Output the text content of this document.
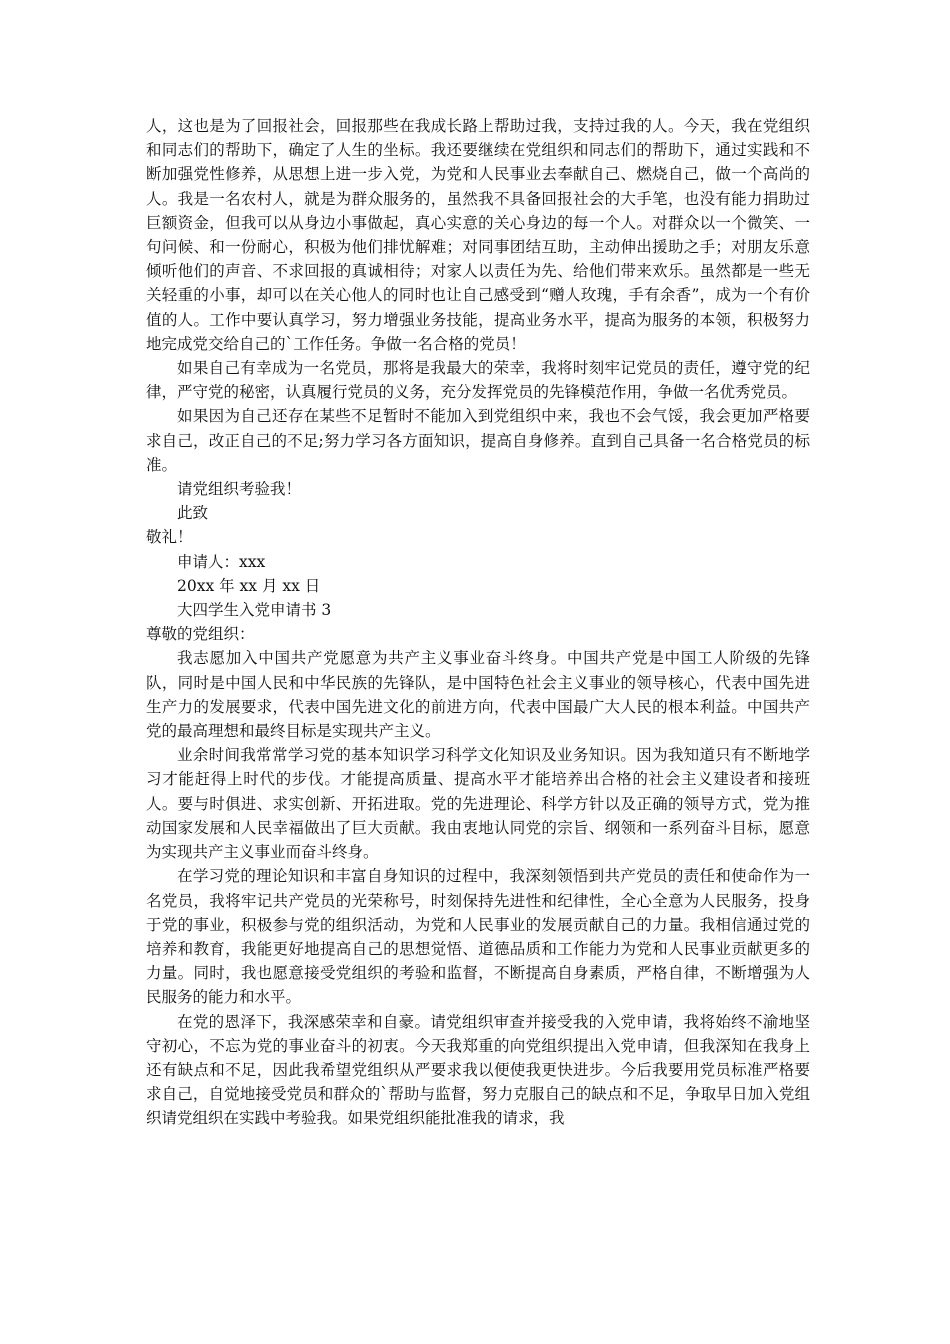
人，这也是为了回报社会，回报那些在我成长路上帮助过我，支持过我的人。今天，我在党组织和同志们的帮助下，确定了人生的坐标。我还要继续在党组织和同志们的帮助下，通过实践和不断加强党性修养，从思想上进一步入党，为党和人民事业去奉献自己、燃烧自己，做一个高尚的人。我是一名农村人，就是为群众服务的，虽然我不具备回报社会的大手笔，也没有能力捐助过巨额资金，但我可以从身边小事做起，真心实意的关心身边的每一个人。对群众以一个微笑、一句问候、和一份耐心，积极为他们排忧解难；对同事团结互助，主动伸出援助之手；对朋友乐意倾听他们的声音、不求回报的真诚相待；对家人以责任为先、给他们带来欢乐。虽然都是一些无关轻重的小事，却可以在关心他人的同时也让自己感受到“赠人玫瑰，手有余香”，成为一个有价值的人。工作中要认真学习，努力增强业务技能，提高业务水平，提高为服务的本领，积极努力地完成党交给自己的`工作任务。争做一名合格的党员！

如果自己有幸成为一名党员，那将是我最大的荣幸，我将时刻牢记党员的责任，遵守党的纪律，严守党的秘密，认真履行党员的义务，充分发挥党员的先锋模范作用，争做一名优秀党员。

如果因为自己还存在某些不足暂时不能加入到党组织中来，我也不会气馁，我会更加严格要求自己，改正自己的不足;努力学习各方面知识，提高自身修养。直到自己具备一名合格党员的标准。

请党组织考验我！

此致

敬礼！

申请人：xxx

20xx 年 xx 月 xx 日

大四学生入党申请书 3

尊敬的党组织：

我志愿加入中国共产党愿意为共产主义事业奋斗终身。中国共产党是中国工人阶级的先锋队，同时是中国人民和中华民族的先锋队，是中国特色社会主义事业的领导核心，代表中国先进生产力的发展要求，代表中国先进文化的前进方向，代表中国最广大人民的根本利益。中国共产党的最高理想和最终目标是实现共产主义。

业余时间我常常学习党的基本知识学习科学文化知识及业务知识。因为我知道只有不断地学习才能赶得上时代的步伐。才能提高质量、提高水平才能培养出合格的社会主义建设者和接班人。要与时俱进、求实创新、开拓进取。党的先进理论、科学方针以及正确的领导方式，党为推动国家发展和人民幸福做出了巨大贡献。我由衷地认同党的宗旨、纲领和一系列奋斗目标，愿意为实现共产主义事业而奋斗终身。

在学习党的理论知识和丰富自身知识的过程中，我深刻领悟到共产党员的责任和使命作为一名党员，我将牢记共产党员的光荣称号，时刻保持先进性和纪律性，全心全意为人民服务，投身于党的事业，积极参与党的组织活动，为党和人民事业的发展贡献自己的力量。我相信通过党的培养和教育，我能更好地提高自己的思想觉悟、道德品质和工作能力为党和人民事业贡献更多的力量。同时，我也愿意接受党组织的考验和监督，不断提高自身素质，严格自律，不断增强为人民服务的能力和水平。

在党的恩泽下，我深感荣幸和自豪。请党组织审查并接受我的入党申请，我将始终不渝地坚守初心，不忘为党的事业奋斗的初衷。今天我郑重的向党组织提出入党申请，但我深知在我身上还有缺点和不足，因此我希望党组织从严要求我以便使我更快进步。今后我要用党员标准严格要求自己，自觉地接受党员和群众的`帮助与监督，努力克服自己的缺点和不足，争取早日加入党组织请党组织在实践中考验我。如果党组织能批准我的请求，我
